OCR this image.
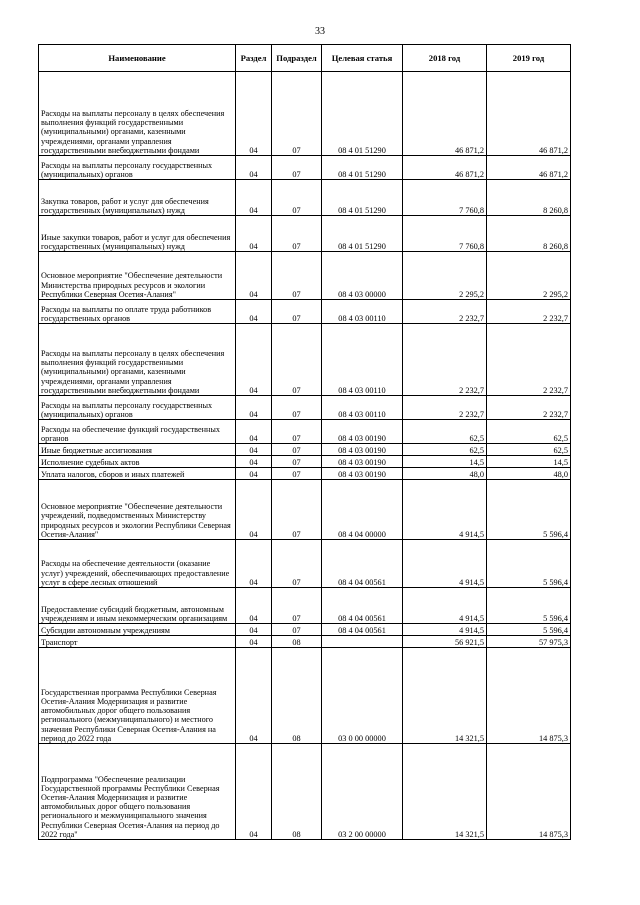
33
Наименование	Раздел	Подраздел	Целевая статья	2018 год	2019 год
Расходы на выплаты персоналу в целях обеспечения выполнения функций государственными (муниципальными) органами, казенными учреждениями, органами управления государственными внебюджетными фондами	04	07	08 4 01 51290	46 871,2	46 871,2
Расходы на выплаты персоналу государственных (муниципальных) органов	04	07	08 4 01 51290	46 871,2	46 871,2
Закупка товаров, работ и услуг для обеспечения государственных (муниципальных) нужд	04	07	08 4 01 51290	7 760,8	8 260,8
Иные закупки товаров, работ и услуг для обеспечения государственных (муниципальных) нужд	04	07	08 4 01 51290	7 760,8	8 260,8
Основное мероприятие "Обеспечение деятельности Министерства природных ресурсов и экологии Республики Северная Осетия-Алания"	04	07	08 4 03 00000	2 295,2	2 295,2
Расходы на выплаты по оплате труда работников государственных органов	04	07	08 4 03 00110	2 232,7	2 232,7
Расходы на выплаты персоналу в целях обеспечения выполнения функций государственными (муниципальными) органами, казенными учреждениями, органами управления государственными внебюджетными фондами	04	07	08 4 03 00110	2 232,7	2 232,7
Расходы на выплаты персоналу государственных (муниципальных) органов	04	07	08 4 03 00110	2 232,7	2 232,7
Расходы на обеспечение функций государственных органов	04	07	08 4 03 00190	62,5	62,5
Иные бюджетные ассигнования	04	07	08 4 03 00190	62,5	62,5
Исполнение судебных актов	04	07	08 4 03 00190	14,5	14,5
Уплата налогов, сборов и иных платежей	04	07	08 4 03 00190	48,0	48,0
Основное мероприятие "Обеспечение деятельности учреждений, подведомственных Министерству природных ресурсов и экологии Республики Северная Осетия-Алания"	04	07	08 4 04 00000	4 914,5	5 596,4
Расходы на обеспечение деятельности (оказание услуг) учреждений, обеспечивающих предоставление услуг в сфере лесных отношений	04	07	08 4 04 00561	4 914,5	5 596,4
Предоставление субсидий бюджетным, автономным учреждениям и иным некоммерческим организациям	04	07	08 4 04 00561	4 914,5	5 596,4
Субсидии автономным учреждениям	04	07	08 4 04 00561	4 914,5	5 596,4
Транспорт	04	08		56 921,5	57 975,3
Государственная программа Республики Северная Осетия-Алания Модернизация и развитие автомобильных дорог общего пользования регионального (межмуниципального) и местного значения Республики Северная Осетия-Алания на период до 2022 года	04	08	03 0 00 00000	14 321,5	14 875,3
Подпрограмма "Обеспечение реализации Государственной программы Республики Северная Осетия-Алания Модернизация и развитие автомобильных дорог общего пользования регионального и межмуниципального значения Республики Северная Осетия-Алания на период до 2022 года"	04	08	03 2 00 00000	14 321,5	14 875,3
